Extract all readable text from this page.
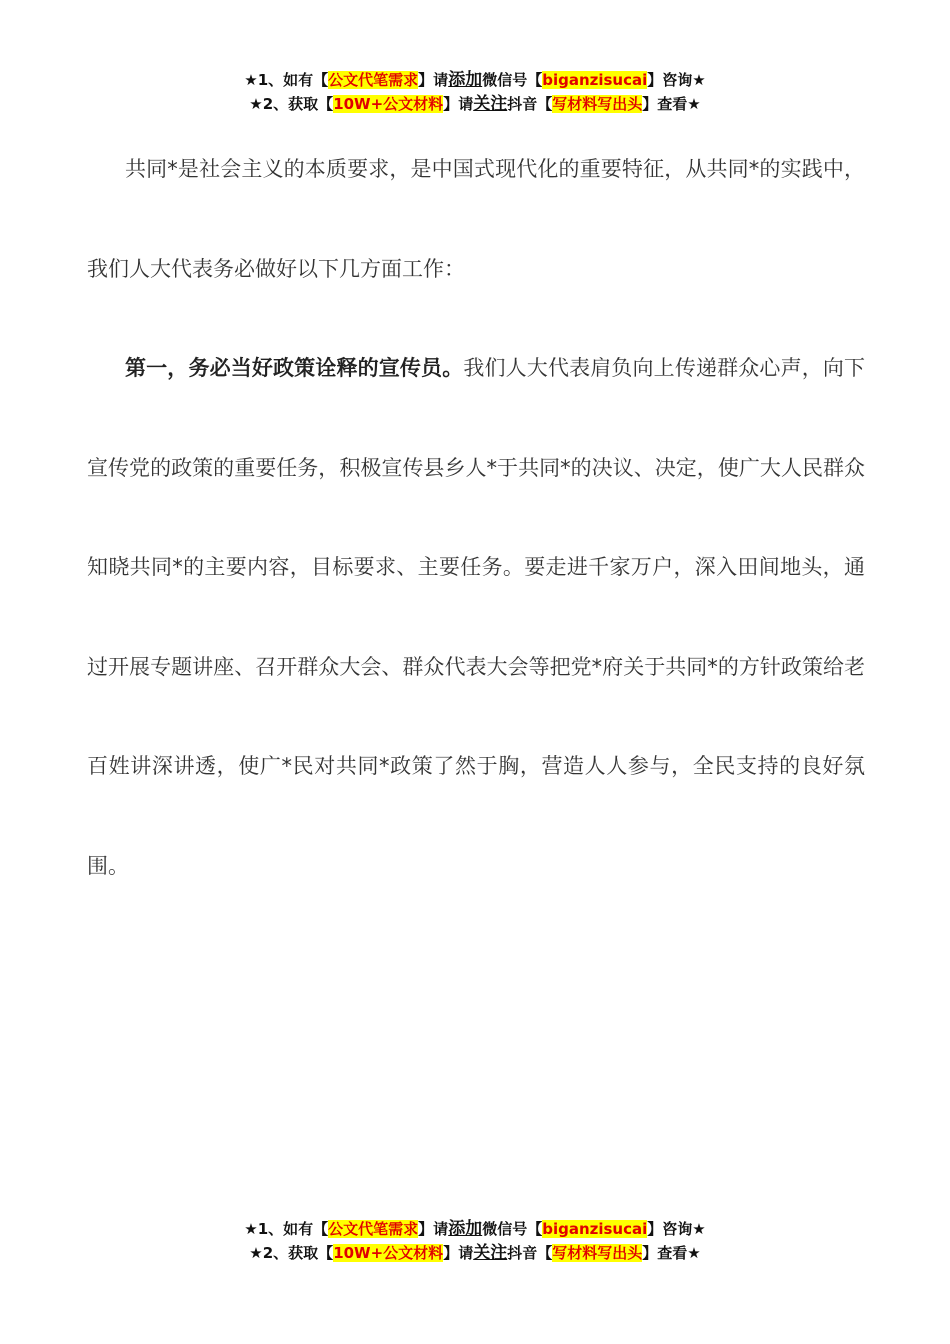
★1、如有【公文代笔需求】请添加微信号【biganzisucai】咨询★
★2、获取【10W+公文材料】请关注抖音【写材料写出头】查看★

共同*是社会主义的本质要求，是中国式现代化的重要特征，从共同*的实践中，我们人大代表务必做好以下几方面工作：

第一，务必当好政策诠释的宣传员。我们人大代表肩负向上传递群众心声，向下宣传党的政策的重要任务，积极宣传县乡人*于共同*的决议、决定，使广大人民群众知晓共同*的主要内容，目标要求、主要任务。要走进千家万户，深入田间地头，通过开展专题讲座、召开群众大会、群众代表大会等把党*府关于共同*的方针政策给老百姓讲深讲透，使广*民对共同*政策了然于胸，营造人人参与，全民支持的良好氛围。

★1、如有【公文代笔需求】请添加微信号【biganzisucai】咨询★
★2、获取【10W+公文材料】请关注抖音【写材料写出头】查看★
